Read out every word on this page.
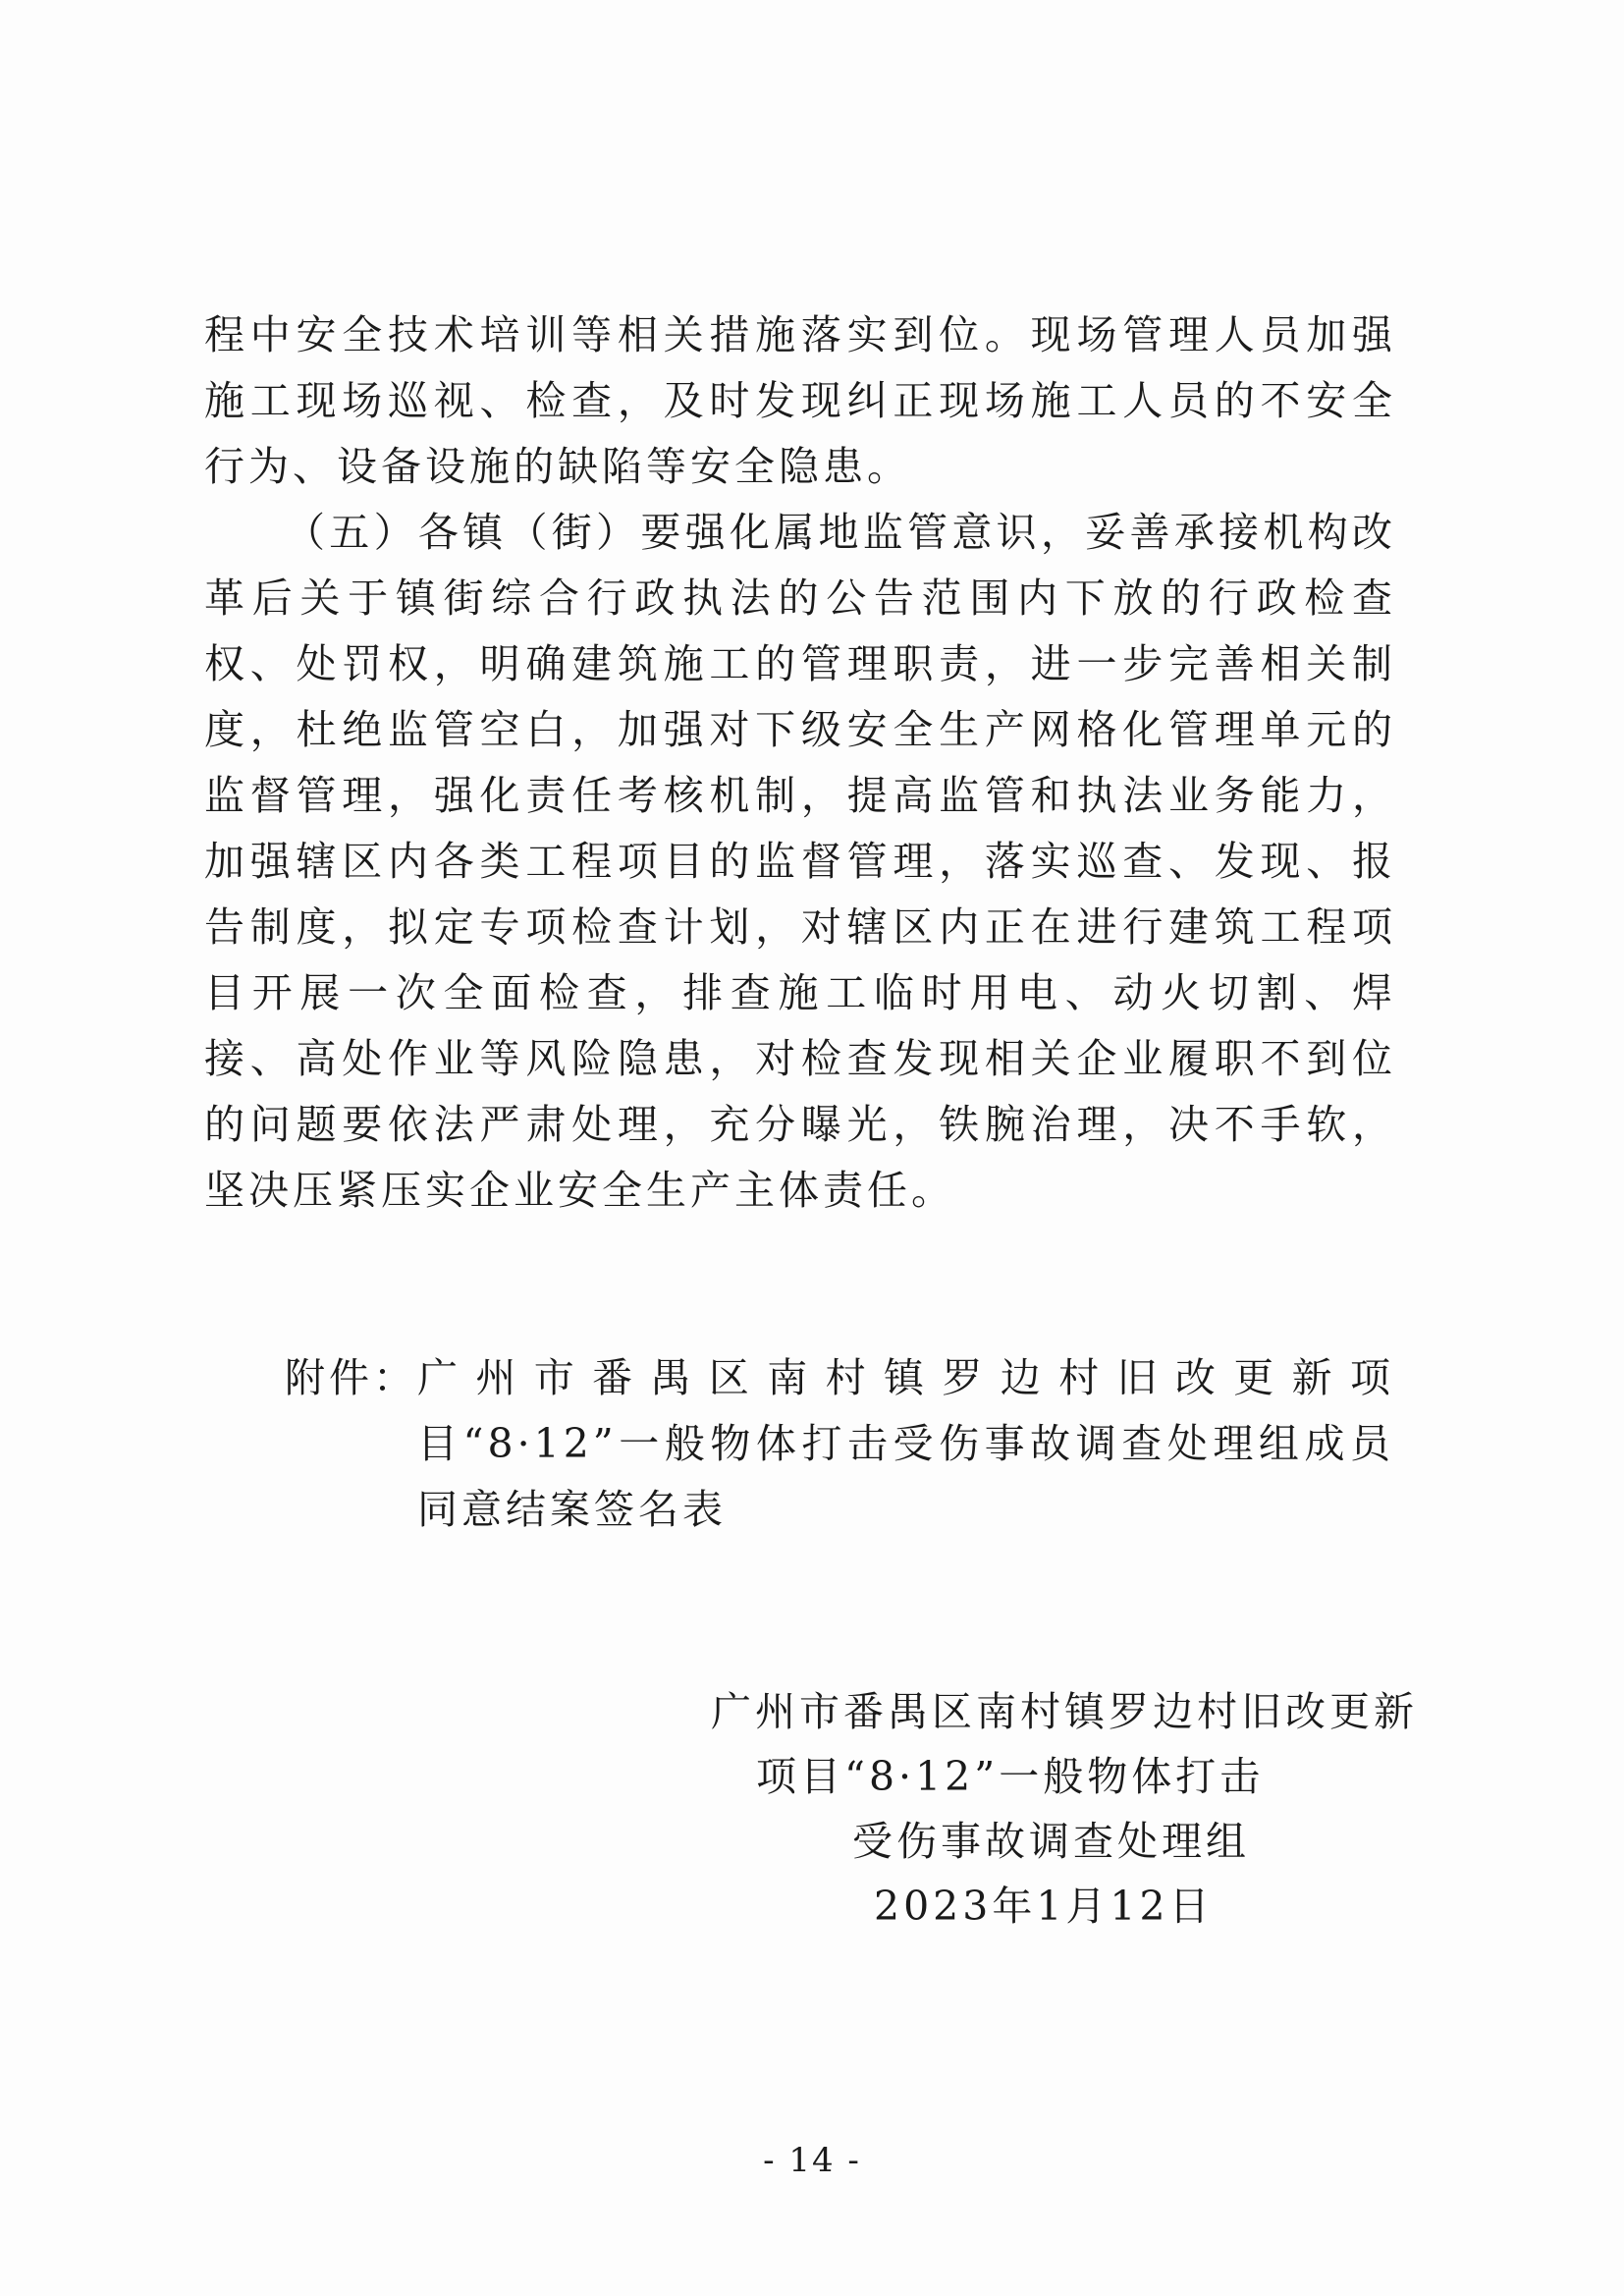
程中安全技术培训等相关措施落实到位。现场管理人员加强施工现场巡视、检查，及时发现纠正现场施工人员的不安全行为、设备设施的缺陷等安全隐患。

（五）各镇（街）要强化属地监管意识，妥善承接机构改革后关于镇街综合行政执法的公告范围内下放的行政检查权、处罚权，明确建筑施工的管理职责，进一步完善相关制度，杜绝监管空白，加强对下级安全生产网格化管理单元的监督管理，强化责任考核机制，提高监管和执法业务能力，加强辖区内各类工程项目的监督管理，落实巡查、发现、报告制度，拟定专项检查计划，对辖区内正在进行建筑工程项目开展一次全面检查，排查施工临时用电、动火切割、焊接、高处作业等风险隐患，对检查发现相关企业履职不到位的问题要依法严肃处理，充分曝光，铁腕治理，决不手软，坚决压紧压实企业安全生产主体责任。

附件： 广州市番禺区南村镇罗边村旧改更新项目“8·12”一般物体打击受伤事故调查处理组成员同意结案签名表
广州市番禺区南村镇罗边村旧改更新
项目“8·12”一般物体打击
受伤事故调查处理组
2023年1月12日
- 14 -
